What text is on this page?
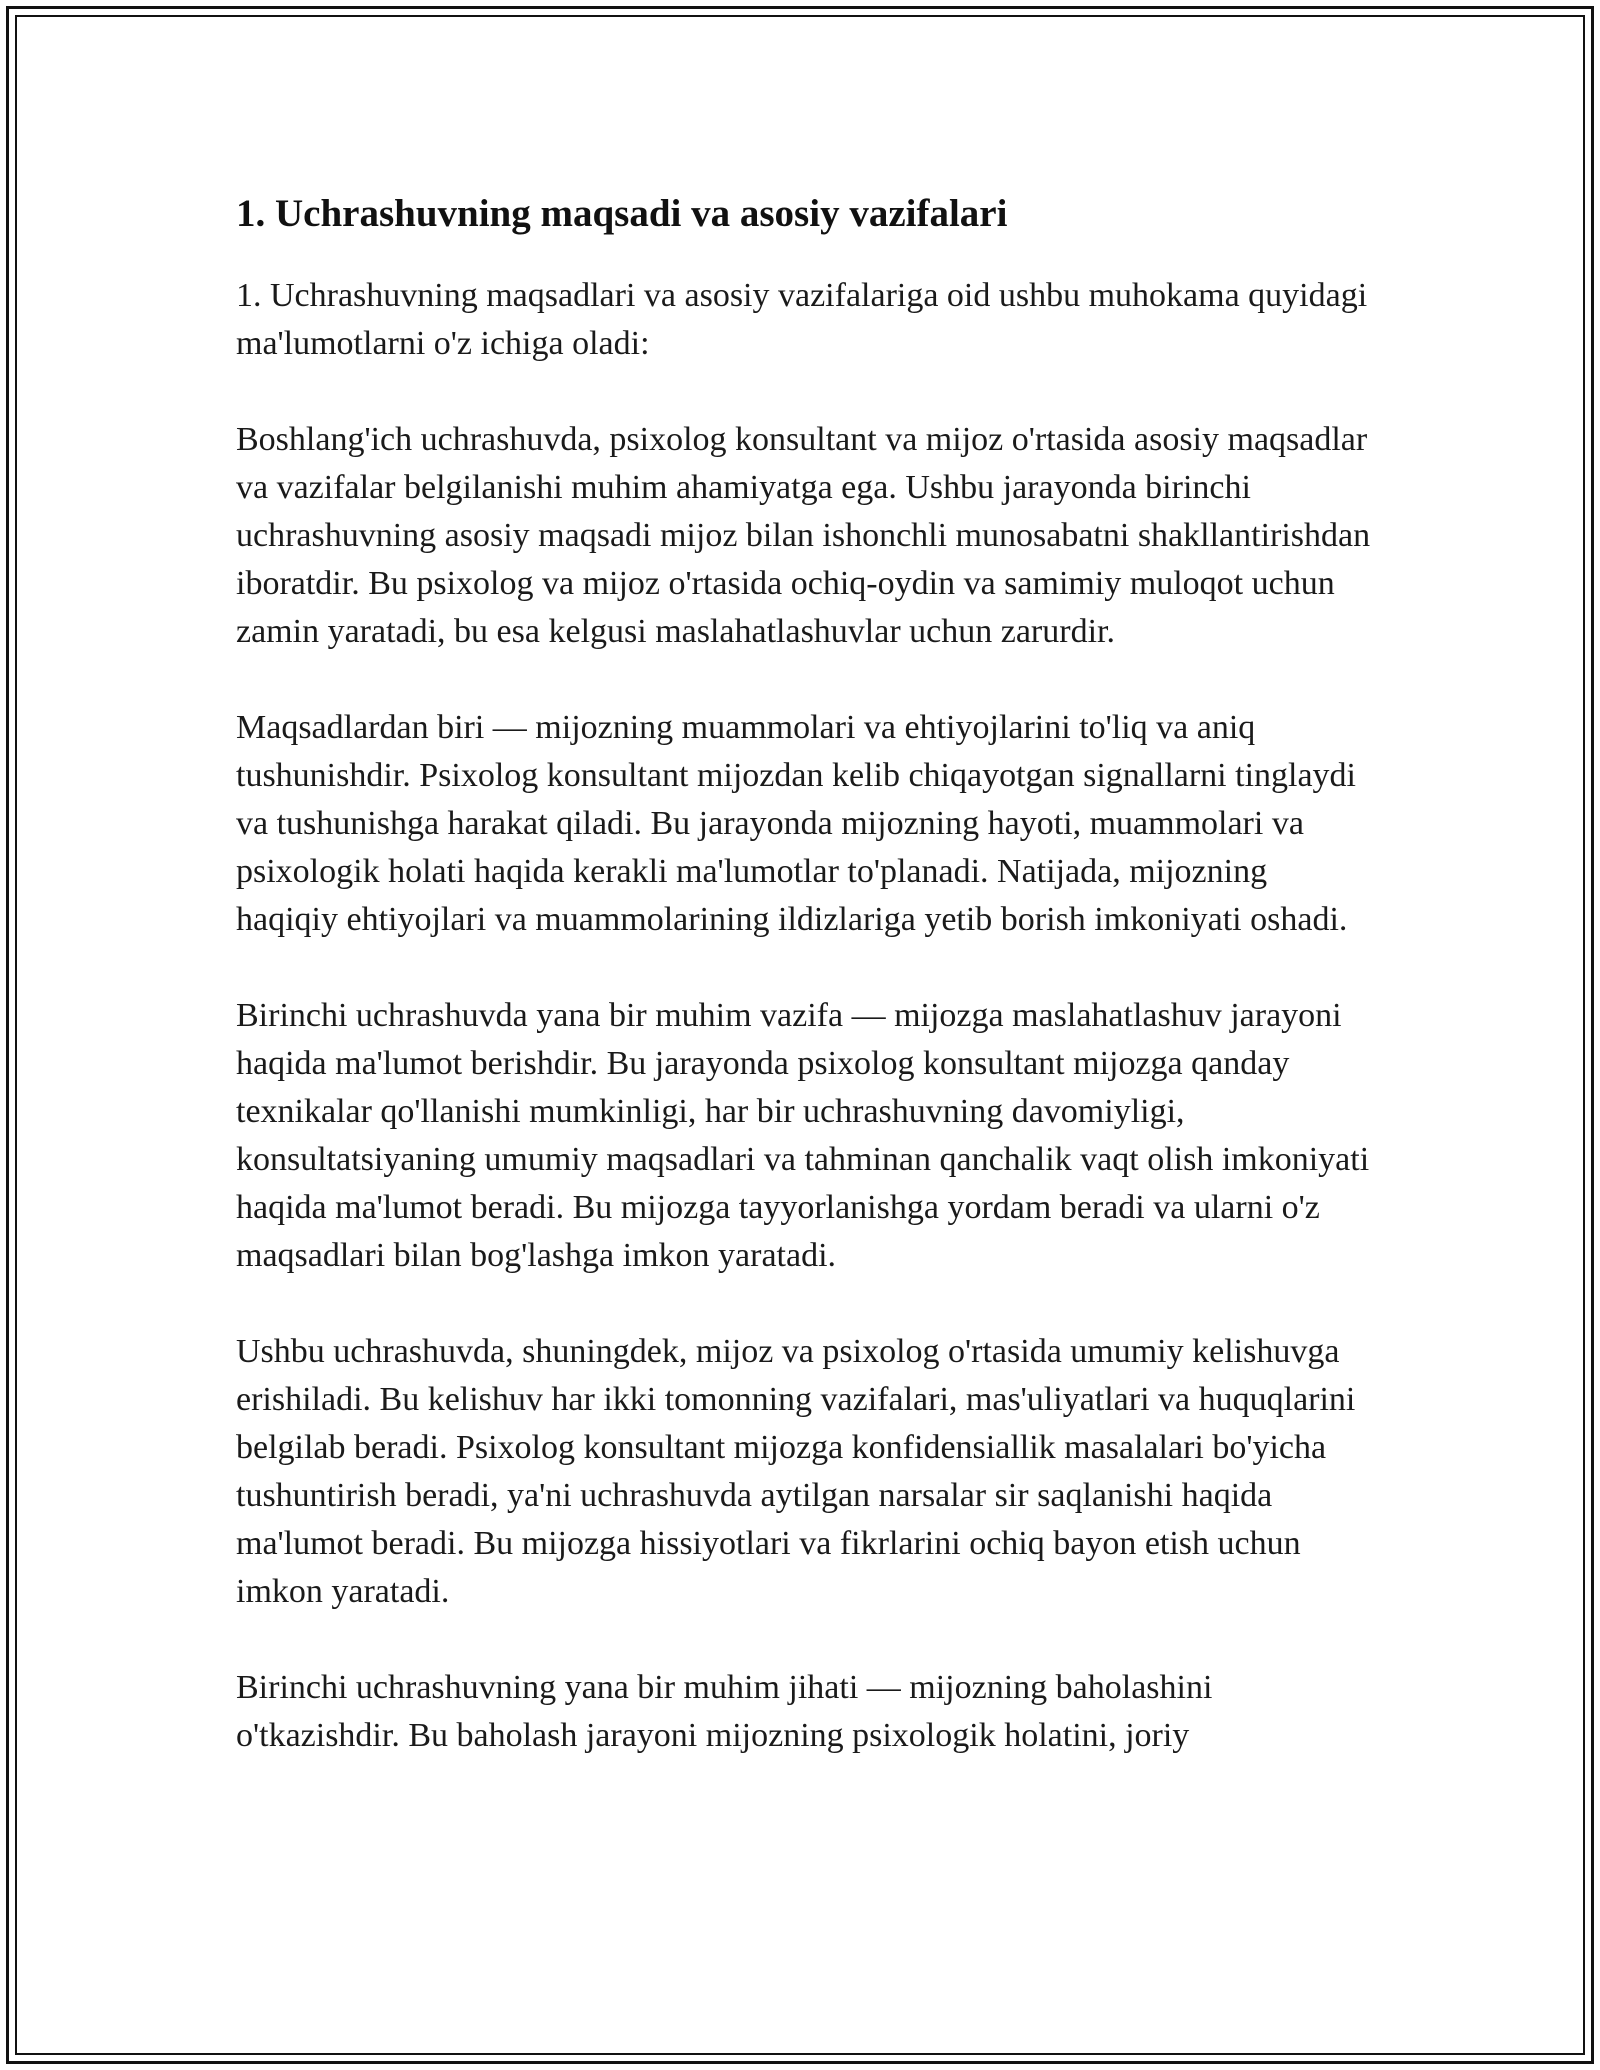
1. Uchrashuvning maqsadi va asosiy vazifalari

1. Uchrashuvning maqsadlari va asosiy vazifalariga oid ushbu muhokama quyidagi ma'lumotlarni o'z ichiga oladi:

Boshlang'ich uchrashuvda, psixolog konsultant va mijoz o'rtasida asosiy maqsadlar va vazifalar belgilanishi muhim ahamiyatga ega. Ushbu jarayonda birinchi uchrashuvning asosiy maqsadi mijoz bilan ishonchli munosabatni shakllantirishdan iboratdir. Bu psixolog va mijoz o'rtasida ochiq-oydin va samimiy muloqot uchun zamin yaratadi, bu esa kelgusi maslahatlashuvlar uchun zarurdir.

Maqsadlardan biri — mijozning muammolari va ehtiyojlarini to'liq va aniq tushunishdir. Psixolog konsultant mijozdan kelib chiqayotgan signallarni tinglaydi va tushunishga harakat qiladi. Bu jarayonda mijozning hayoti, muammolari va psixologik holati haqida kerakli ma'lumotlar to'planadi. Natijada, mijozning haqiqiy ehtiyojlari va muammolarining ildizlariga yetib borish imkoniyati oshadi.

Birinchi uchrashuvda yana bir muhim vazifa — mijozga maslahatlashuv jarayoni haqida ma'lumot berishdir. Bu jarayonda psixolog konsultant mijozga qanday texnikalar qo'llanishi mumkinligi, har bir uchrashuvning davomiyligi, konsultatsiyaning umumiy maqsadlari va tahminan qanchalik vaqt olish imkoniyati haqida ma'lumot beradi. Bu mijozga tayyorlanishga yordam beradi va ularni o'z maqsadlari bilan bog'lashga imkon yaratadi.

Ushbu uchrashuvda, shuningdek, mijoz va psixolog o'rtasida umumiy kelishuvga erishiladi. Bu kelishuv har ikki tomonning vazifalari, mas'uliyatlari va huquqlarini belgilab beradi. Psixolog konsultant mijozga konfidensiallik masalalari bo'yicha tushuntirish beradi, ya'ni uchrashuvda aytilgan narsalar sir saqlanishi haqida ma'lumot beradi. Bu mijozga hissiyotlari va fikrlarini ochiq bayon etish uchun imkon yaratadi.

Birinchi uchrashuvning yana bir muhim jihati — mijozning baholashini o'tkazishdir. Bu baholash jarayoni mijozning psixologik holatini, joriy
